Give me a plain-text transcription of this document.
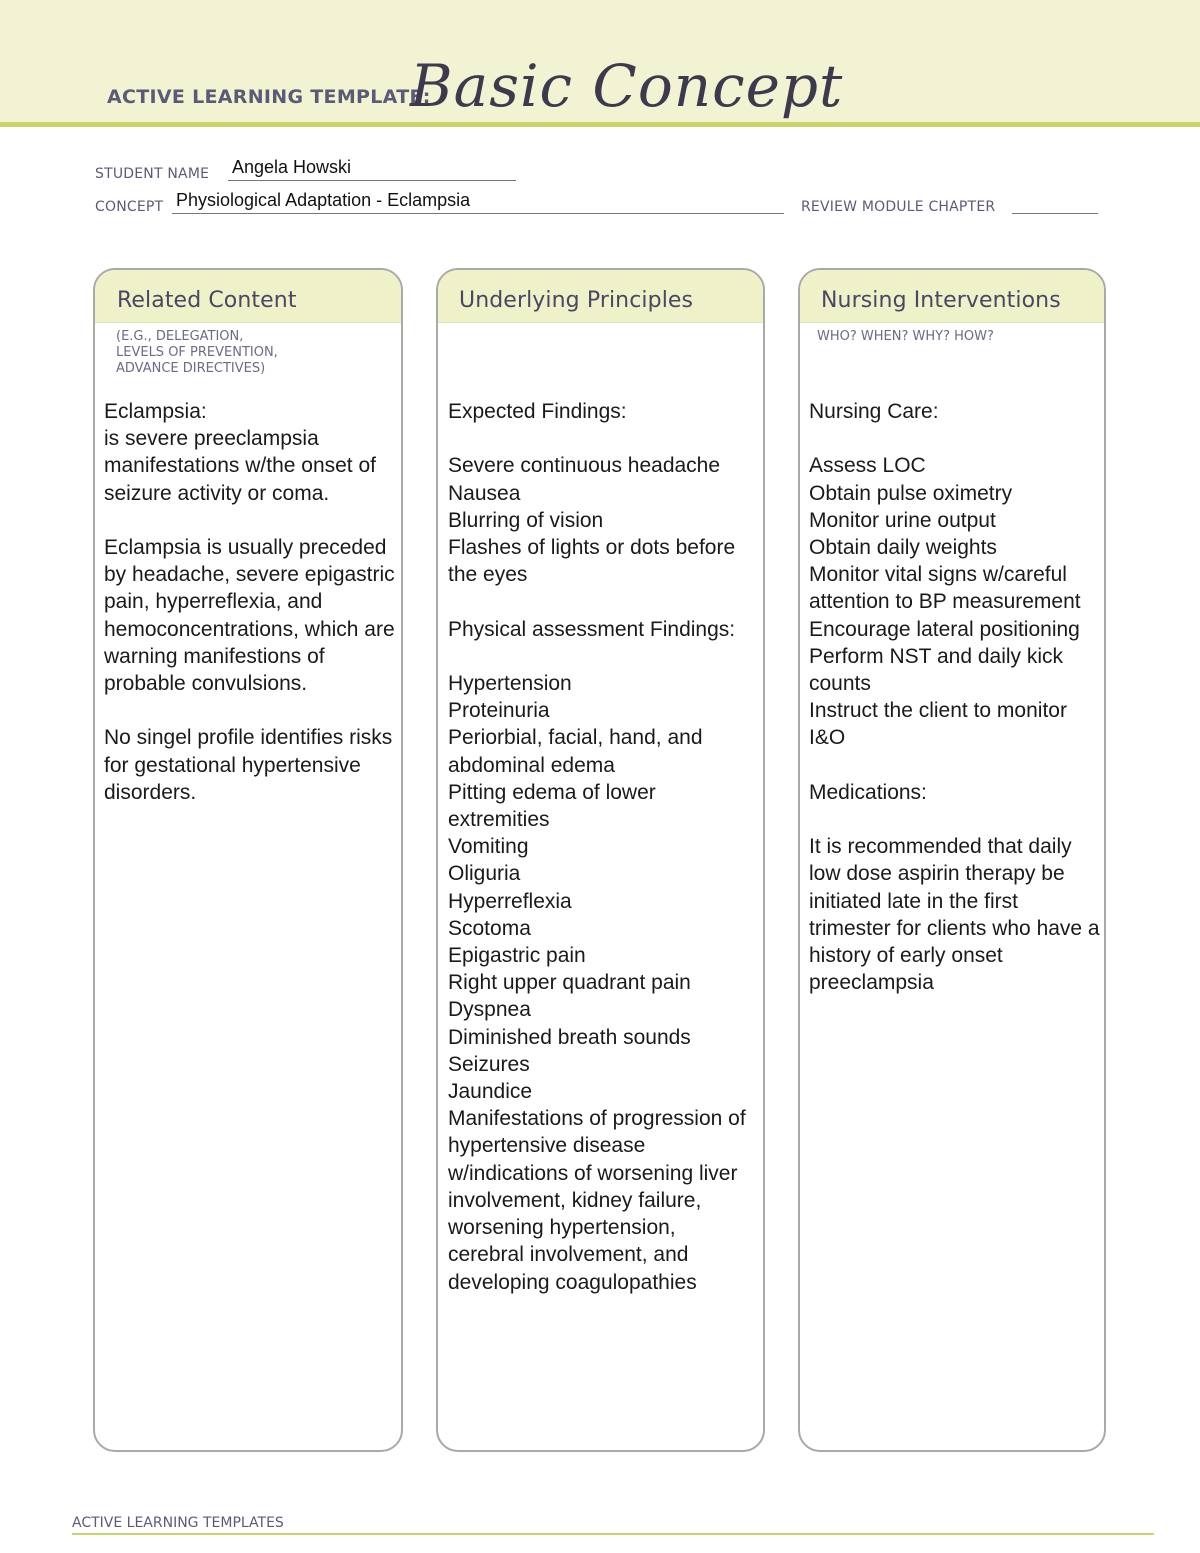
ACTIVE LEARNING TEMPLATE:
Basic Concept
STUDENT NAME Angela Howski
CONCEPT Physiological Adaptation - Eclampsia	REVIEW MODULE CHAPTER
Related Content
(E.G., DELEGATION,
LEVELS OF PREVENTION,
ADVANCE DIRECTIVES)
Eclampsia:
is severe preeclampsia manifestations w/the onset of seizure activity or coma.

Eclampsia is usually preceded by headache, severe epigastric pain, hyperreflexia, and hemoconcentrations, which are warning manifestions of probable convulsions.

No singel profile identifies risks for gestational hypertensive disorders.
Underlying Principles
Expected Findings:

Severe continuous headache
Nausea
Blurring of vision
Flashes of lights or dots before the eyes

Physical assessment Findings:

Hypertension
Proteinuria
Periorbial, facial, hand, and abdominal edema
Pitting edema of lower extremities
Vomiting
Oliguria
Hyperreflexia
Scotoma
Epigastric pain
Right upper quadrant pain
Dyspnea
Diminished breath sounds
Seizures
Jaundice
Manifestations of progression of hypertensive disease w/indications of worsening liver involvement, kidney failure, worsening hypertension, cerebral involvement, and developing coagulopathies
Nursing Interventions
WHO? WHEN? WHY? HOW?
Nursing Care:

Assess LOC
Obtain pulse oximetry
Monitor urine output
Obtain daily weights
Monitor vital signs w/careful attention to BP measurement
Encourage lateral positioning
Perform NST and daily kick counts
Instruct the client to monitor I&O

Medications:

It is recommended that daily low dose aspirin therapy be initiated late in the first trimester for clients who have a history of early onset preeclampsia
ACTIVE LEARNING TEMPLATES
